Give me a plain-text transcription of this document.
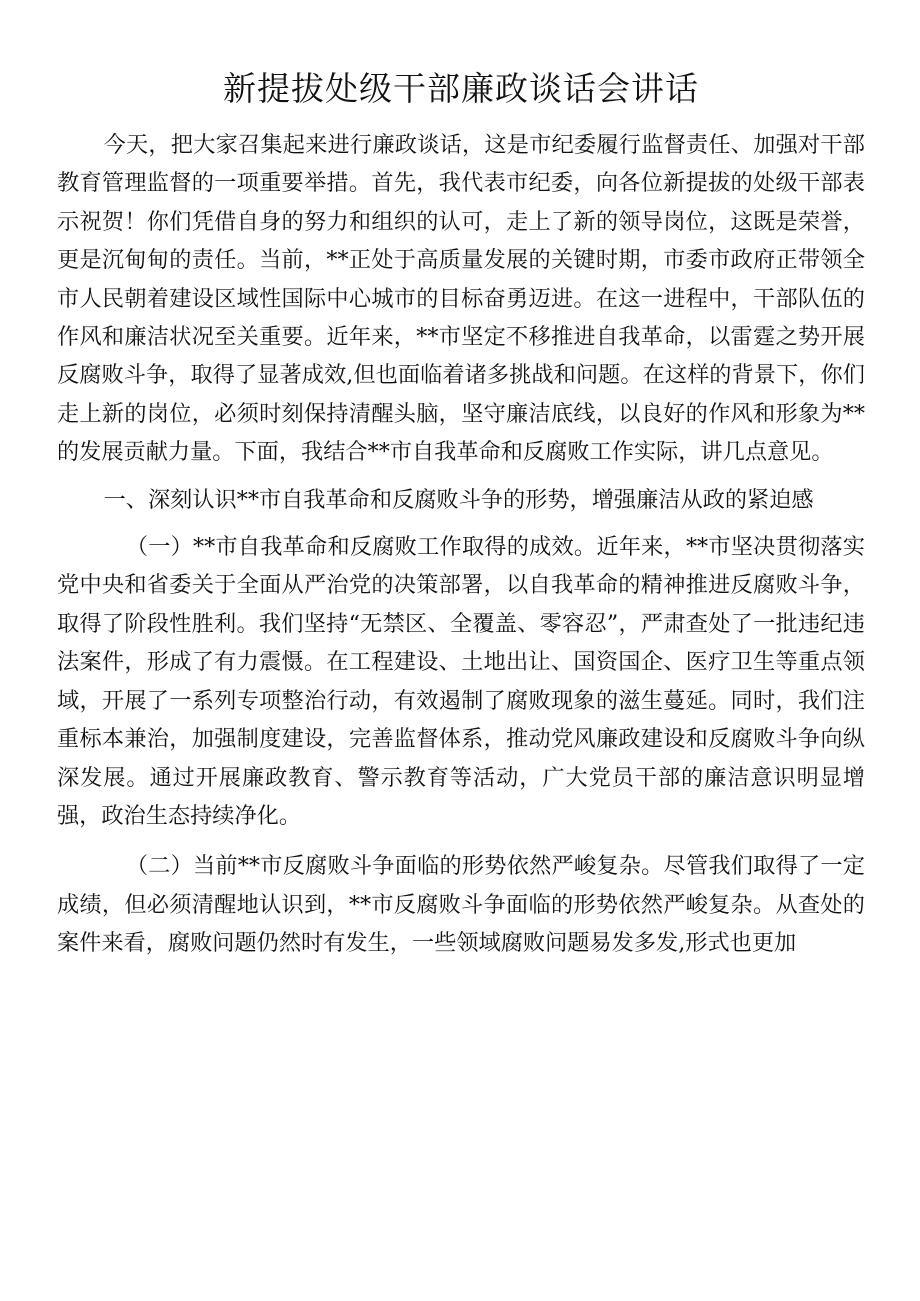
新提拔处级干部廉政谈话会讲话

今天，把大家召集起来进行廉政谈话，这是市纪委履行监督责任、加强对干部教育管理监督的一项重要举措。首先，我代表市纪委，向各位新提拔的处级干部表示祝贺！你们凭借自身的努力和组织的认可，走上了新的领导岗位，这既是荣誉，更是沉甸甸的责任。当前，**正处于高质量发展的关键时期，市委市政府正带领全市人民朝着建设区域性国际中心城市的目标奋勇迈进。在这一进程中，干部队伍的作风和廉洁状况至关重要。近年来，**市坚定不移推进自我革命，以雷霆之势开展反腐败斗争，取得了显著成效,但也面临着诸多挑战和问题。在这样的背景下，你们走上新的岗位，必须时刻保持清醒头脑，坚守廉洁底线，以良好的作风和形象为**的发展贡献力量。下面，我结合**市自我革命和反腐败工作实际，讲几点意见。

一、深刻认识**市自我革命和反腐败斗争的形势，增强廉洁从政的紧迫感

（一）**市自我革命和反腐败工作取得的成效。近年来，**市坚决贯彻落实党中央和省委关于全面从严治党的决策部署，以自我革命的精神推进反腐败斗争，取得了阶段性胜利。我们坚持“无禁区、全覆盖、零容忍”，严肃查处了一批违纪违法案件，形成了有力震慑。在工程建设、土地出让、国资国企、医疗卫生等重点领域，开展了一系列专项整治行动，有效遏制了腐败现象的滋生蔓延。同时，我们注重标本兼治，加强制度建设，完善监督体系，推动党风廉政建设和反腐败斗争向纵深发展。通过开展廉政教育、警示教育等活动，广大党员干部的廉洁意识明显增强，政治生态持续净化。

（二）当前**市反腐败斗争面临的形势依然严峻复杂。尽管我们取得了一定成绩，但必须清醒地认识到，**市反腐败斗争面临的形势依然严峻复杂。从查处的案件来看，腐败问题仍然时有发生，一些领域腐败问题易发多发,形式也更加
